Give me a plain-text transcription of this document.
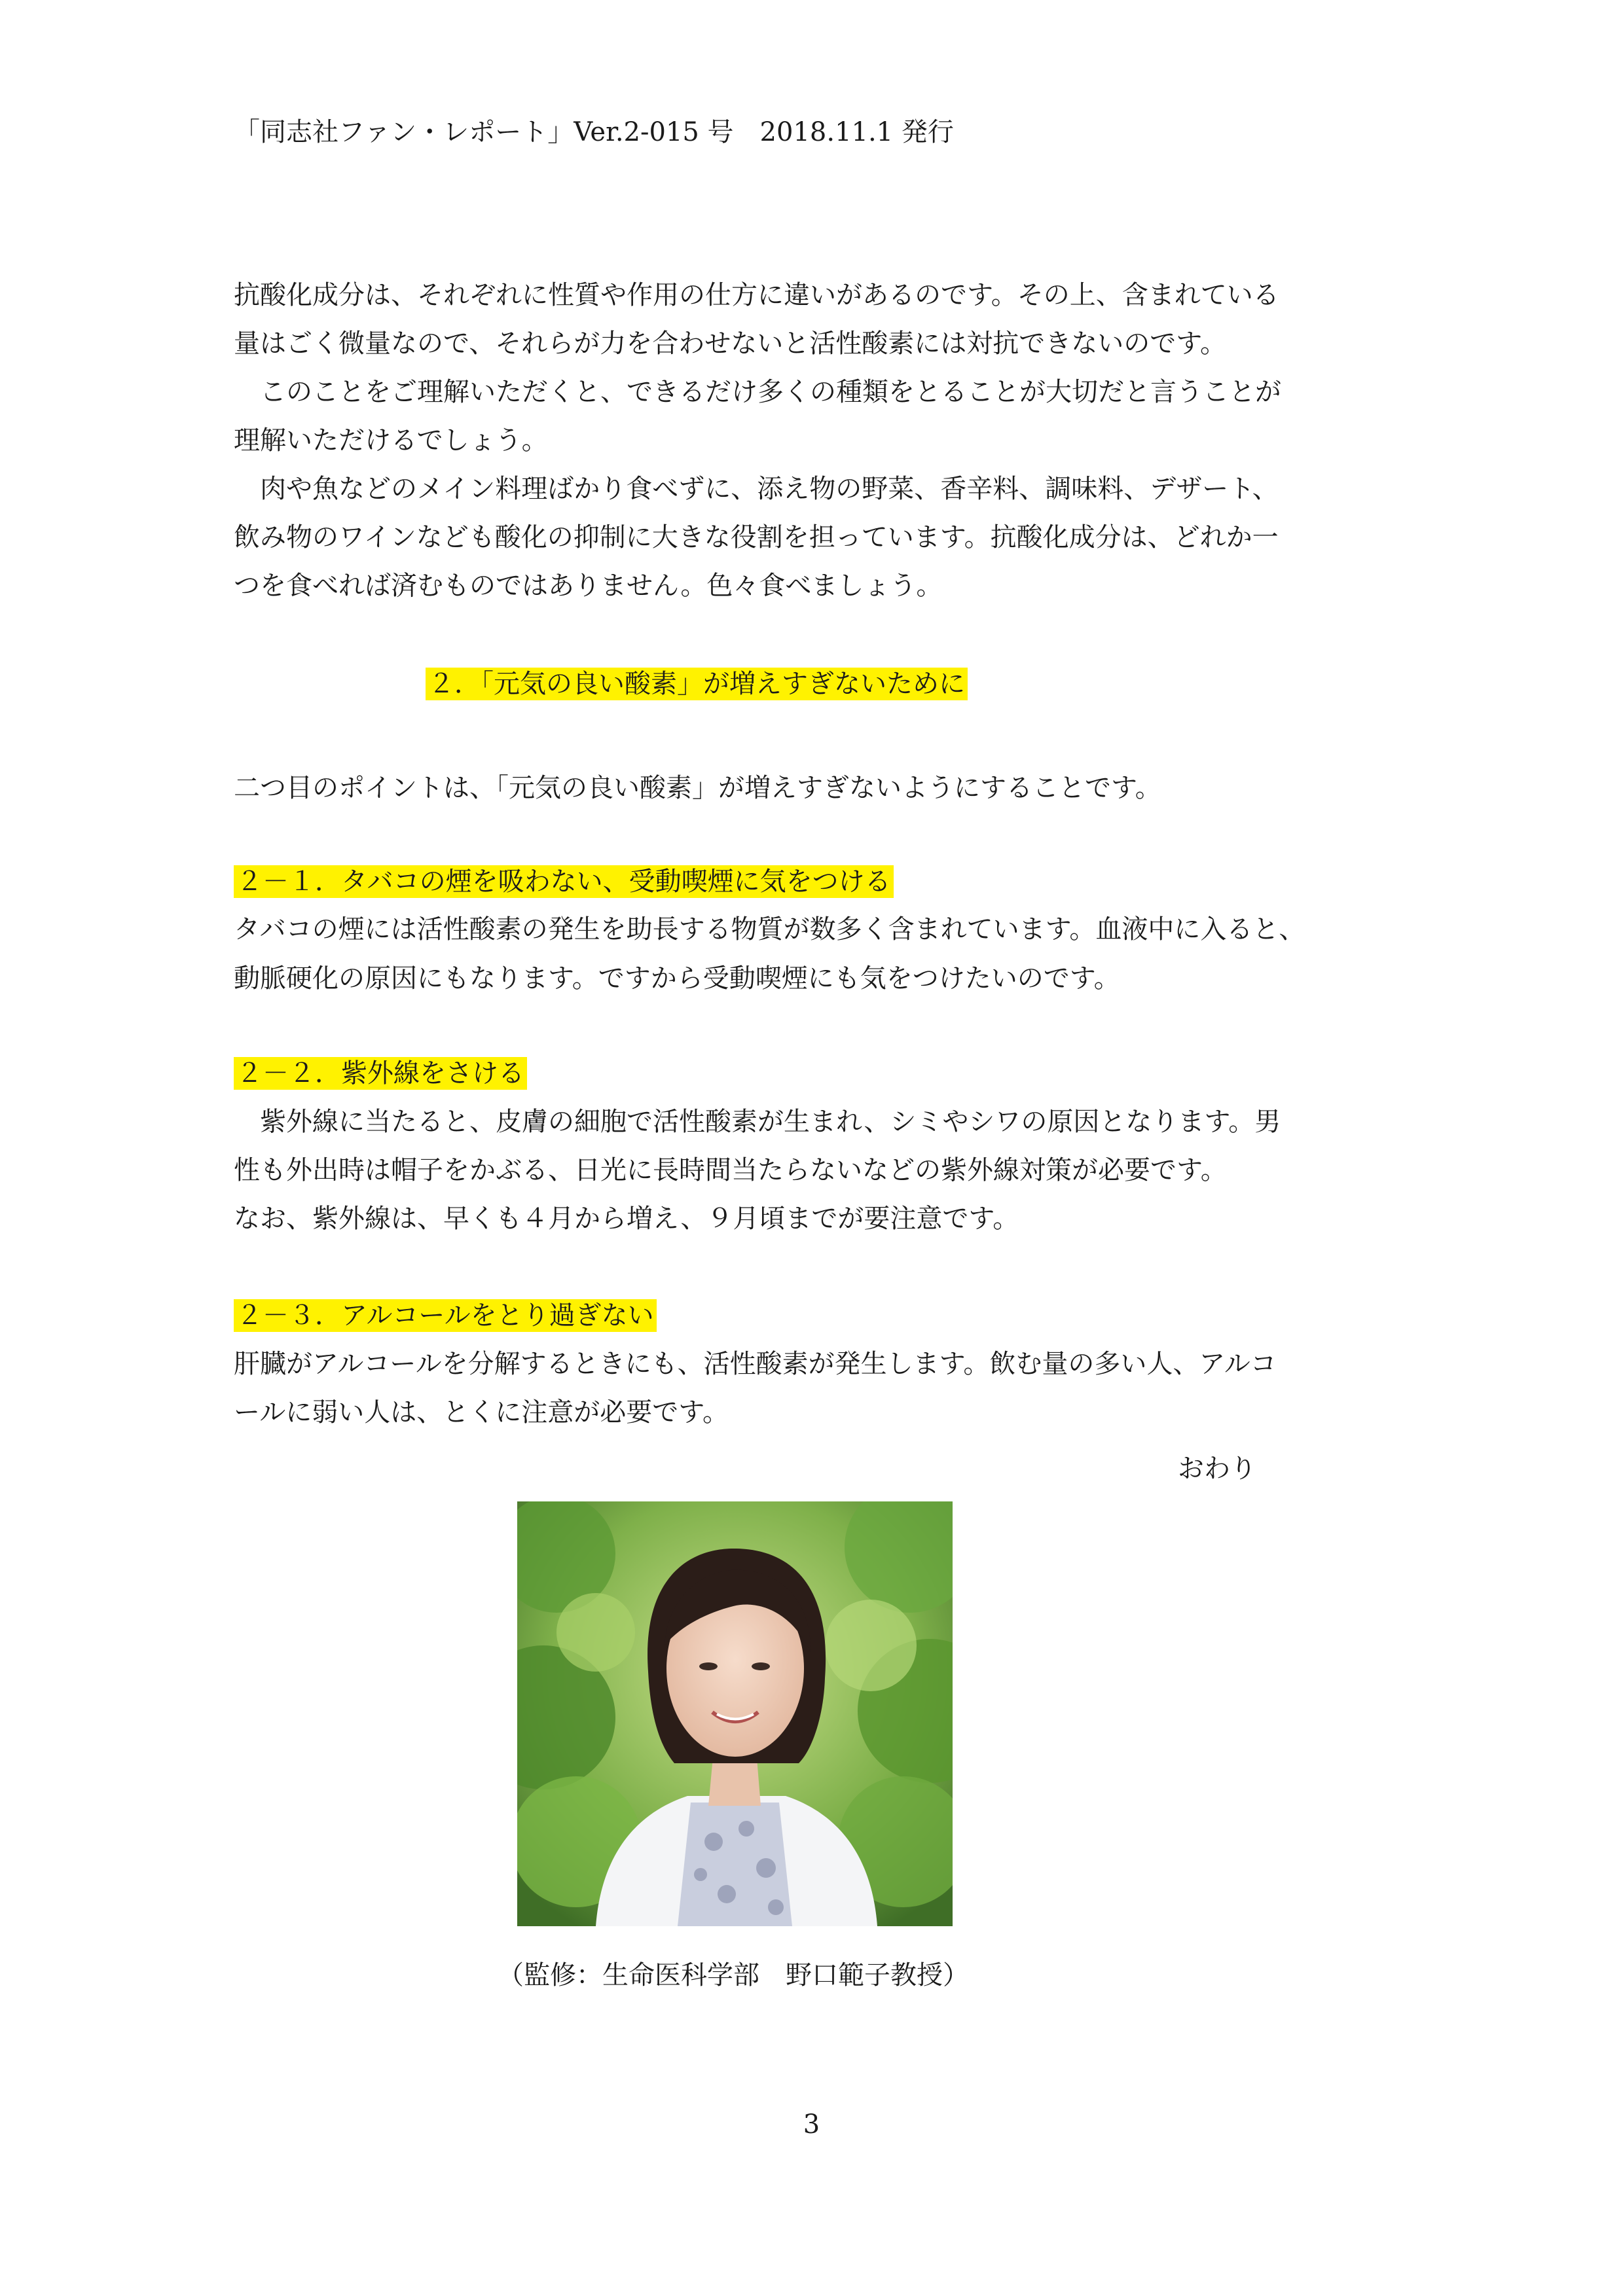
「同志社ファン・レポート」Ver.2-015 号　2018.11.1 発行
抗酸化成分は、それぞれに性質や作用の仕方に違いがあるのです。その上、含まれている
量はごく微量なので、それらが力を合わせないと活性酸素には対抗できないのです。
　このことをご理解いただくと、できるだけ多くの種類をとることが大切だと言うことが
理解いただけるでしょう。
　肉や魚などのメイン料理ばかり食べずに、添え物の野菜、香辛料、調味料、デザート、
飲み物のワインなども酸化の抑制に大きな役割を担っています。抗酸化成分は、どれか一
つを食べれば済むものではありません。色々食べましょう。
２．「元気の良い酸素」が増えすぎないために
二つ目のポイントは、「元気の良い酸素」が増えすぎないようにすることです。
２－１．タバコの煙を吸わない、受動喫煙に気をつける
タバコの煙には活性酸素の発生を助長する物質が数多く含まれています。血液中に入ると、
動脈硬化の原因にもなります。ですから受動喫煙にも気をつけたいのです。
２－２．紫外線をさける
　紫外線に当たると、皮膚の細胞で活性酸素が生まれ、シミやシワの原因となります。男
性も外出時は帽子をかぶる、日光に長時間当たらないなどの紫外線対策が必要です。
なお、紫外線は、早くも４月から増え、９月頃までが要注意です。
２－３．アルコールをとり過ぎない
肝臓がアルコールを分解するときにも、活性酸素が発生します。飲む量の多い人、アルコ
ールに弱い人は、とくに注意が必要です。
おわり
（監修：生命医科学部　野口範子教授）
3
